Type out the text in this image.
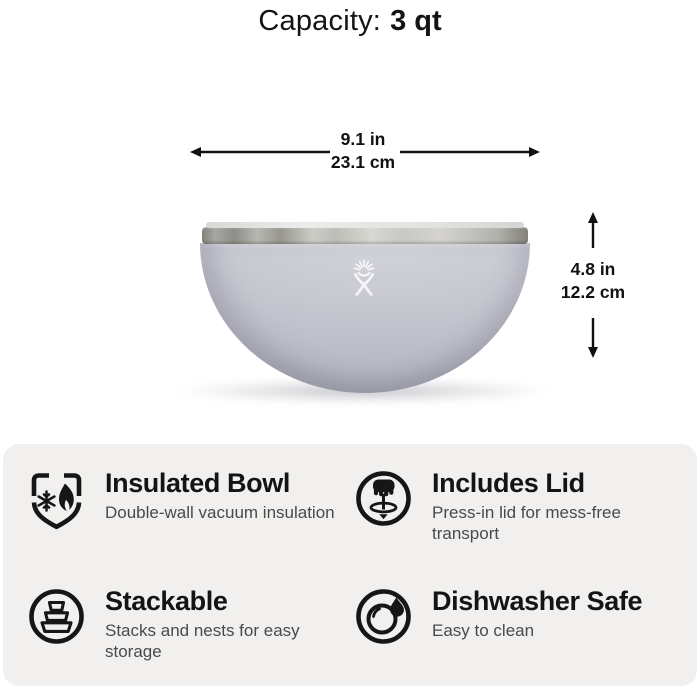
Capacity: 3 qt
9.1 in
23.1 cm
4.8 in
12.2 cm
Insulated Bowl
Double-wall vacuum insulation
Includes Lid
Press-in lid for mess-free transport
Stackable
Stacks and nests for easy storage
Dishwasher Safe
Easy to clean
